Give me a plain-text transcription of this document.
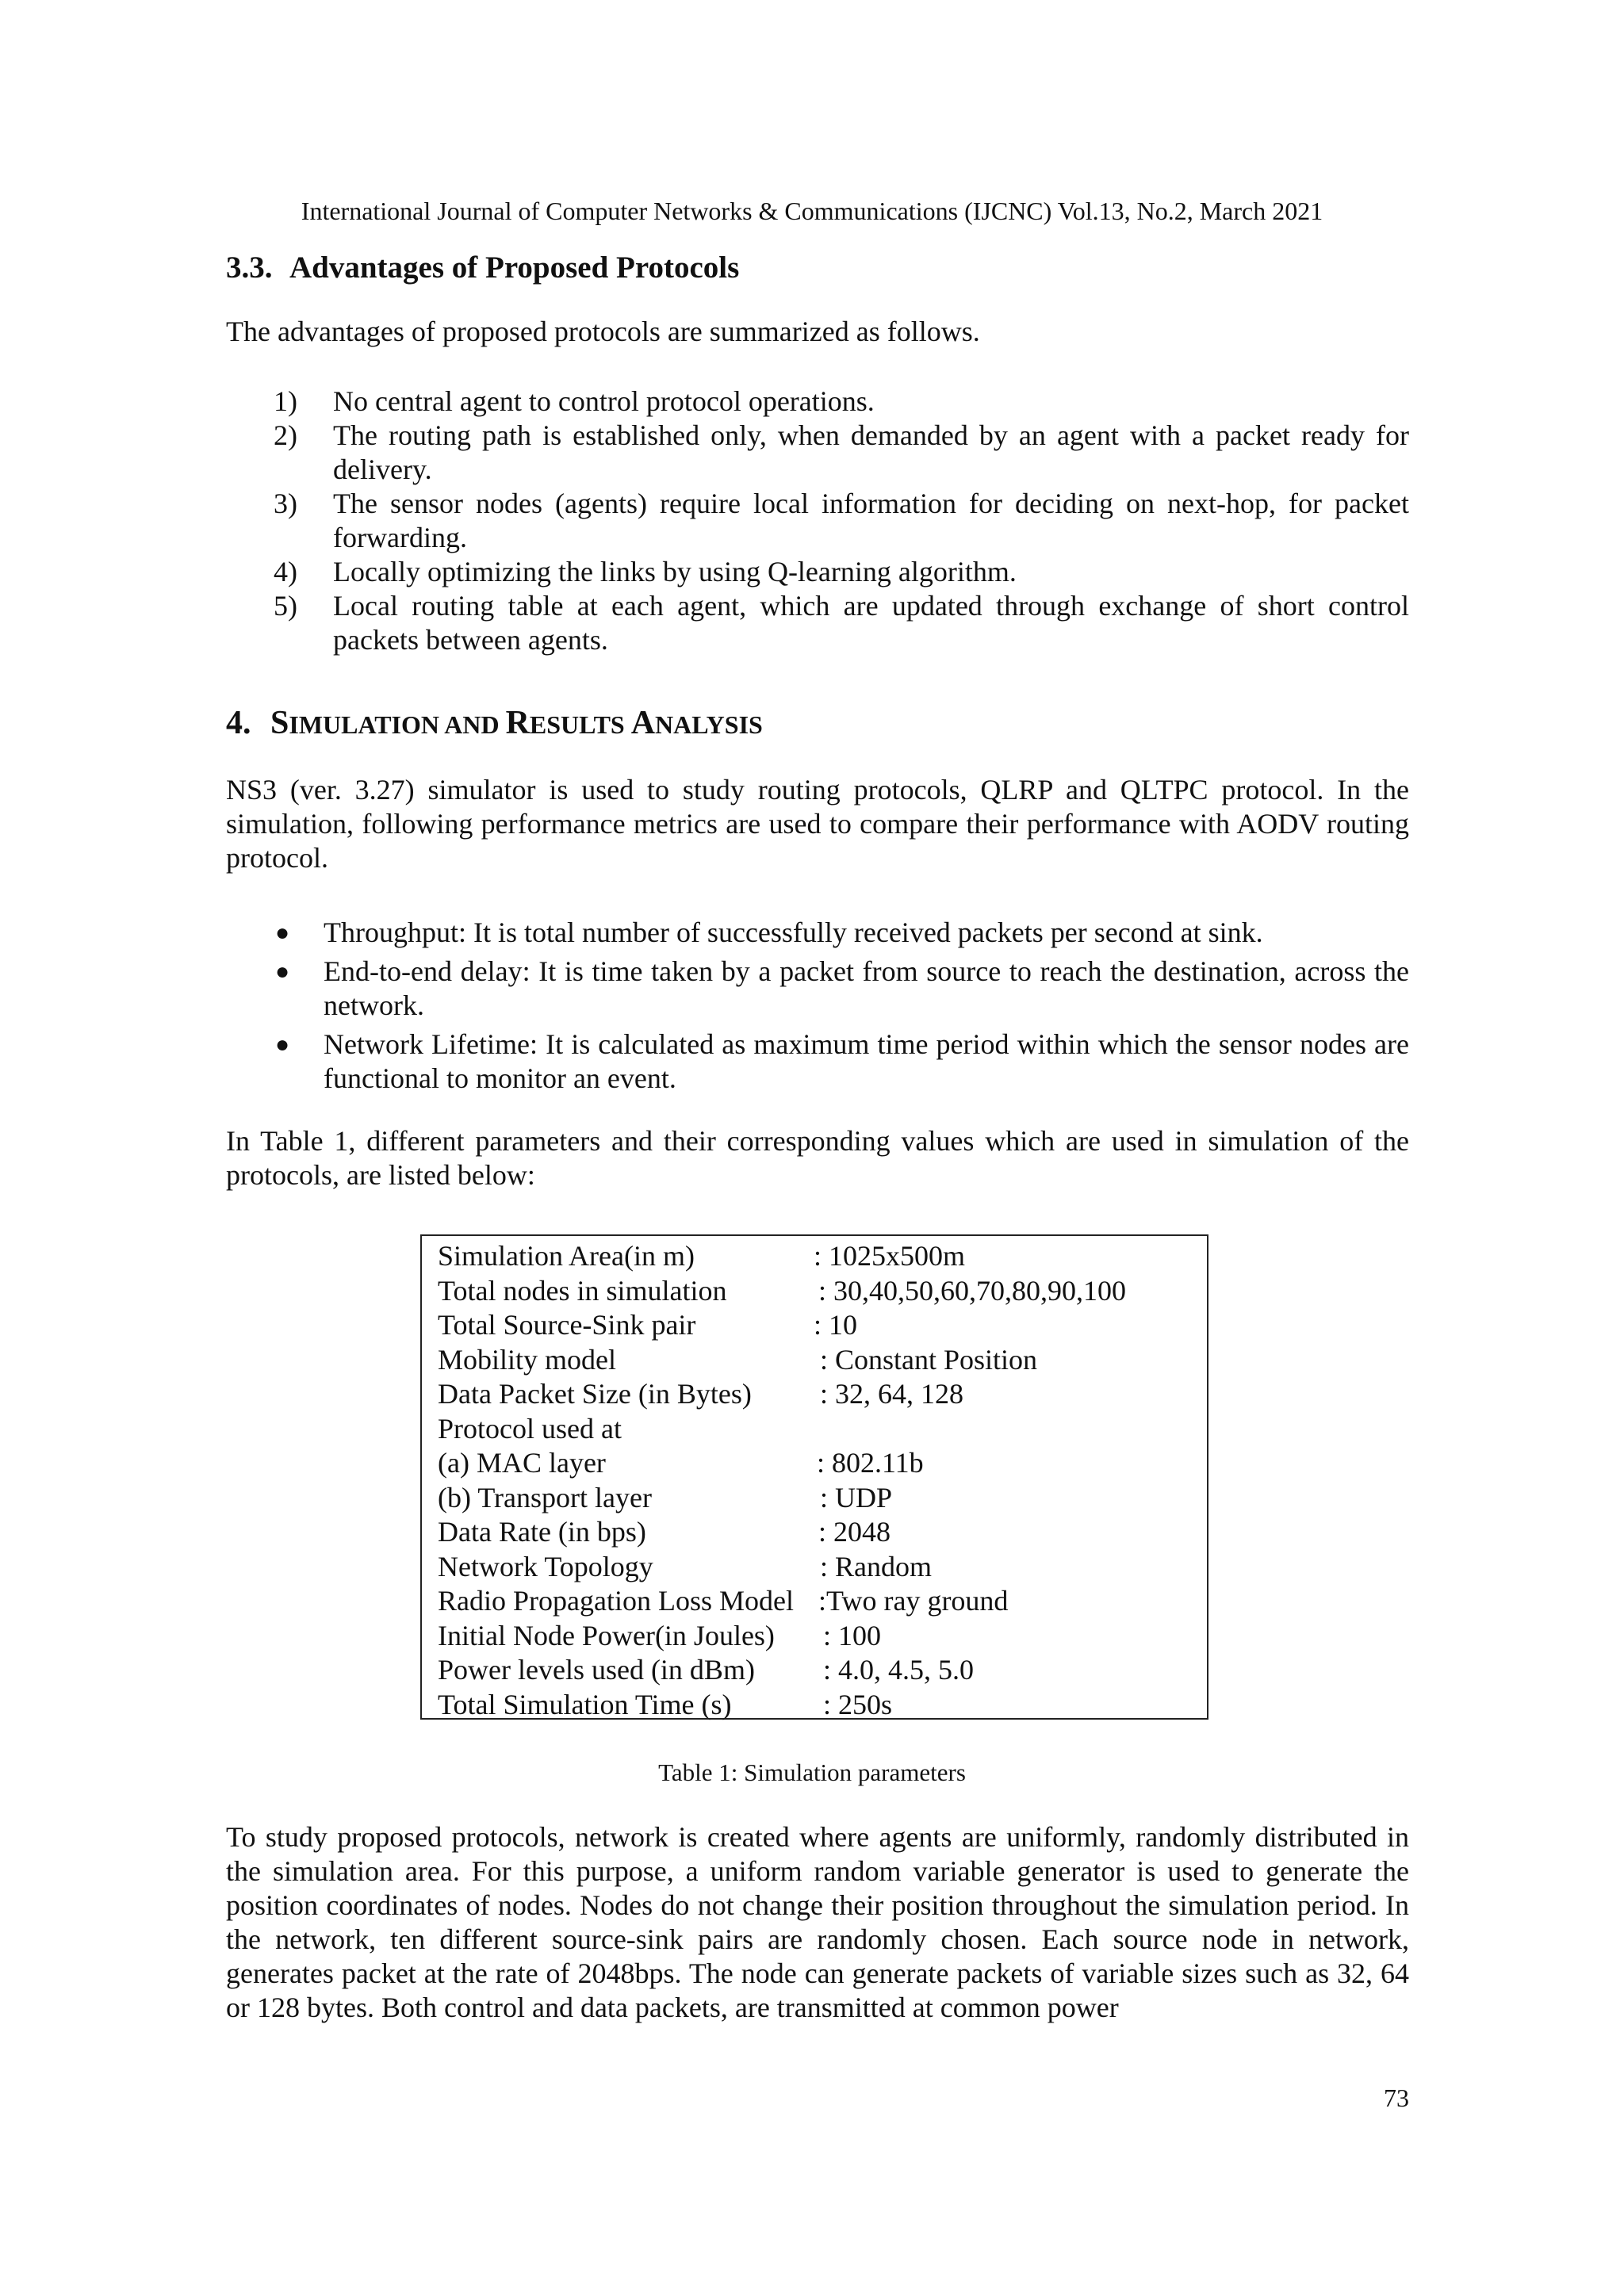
International Journal of Computer Networks & Communications (IJCNC) Vol.13, No.2, March 2021
3.3. Advantages of Proposed Protocols
The advantages of proposed protocols are summarized as follows.
1)	No central agent to control protocol operations.
2)	The routing path is established only, when demanded by an agent with a packet ready for delivery.
3)	The sensor nodes (agents) require local information for deciding on next-hop, for packet forwarding.
4)	Locally optimizing the links by using Q-learning algorithm.
5)	Local routing table at each agent, which are updated through exchange of short control packets between agents.
4. SIMULATION AND RESULTS ANALYSIS
NS3 (ver. 3.27) simulator is used to study routing protocols, QLRP and QLTPC protocol. In the simulation, following performance metrics are used to compare their performance with AODV routing protocol.
●	Throughput: It is total number of successfully received packets per second at sink.
●	End-to-end delay: It is time taken by a packet from source to reach the destination, across the network.
●	Network Lifetime: It is calculated as maximum time period within which the sensor nodes are functional to monitor an event.
In Table 1, different parameters and their corresponding values which are used in simulation of the protocols, are listed below:
Simulation Area(in m)	: 1025x500m
Total nodes in simulation	: 30,40,50,60,70,80,90,100
Total Source-Sink pair	: 10
Mobility model	: Constant Position
Data Packet Size (in Bytes)	: 32, 64, 128
Protocol used at
(a) MAC layer	: 802.11b
(b) Transport layer	: UDP
Data Rate (in bps)	: 2048
Network Topology	: Random
Radio Propagation Loss Model :Two ray ground
Initial Node Power(in Joules)	: 100
Power levels used (in dBm)	: 4.0, 4.5, 5.0
Total Simulation Time (s)	: 250s
Table 1: Simulation parameters
To study proposed protocols, network is created where agents are uniformly, randomly distributed in the simulation area. For this purpose, a uniform random variable generator is used to generate the position coordinates of nodes. Nodes do not change their position throughout the simulation period. In the network, ten different source-sink pairs are randomly chosen. Each source node in network, generates packet at the rate of 2048bps. The node can generate packets of variable sizes such as 32, 64 or 128 bytes. Both control and data packets, are transmitted at common power
73
